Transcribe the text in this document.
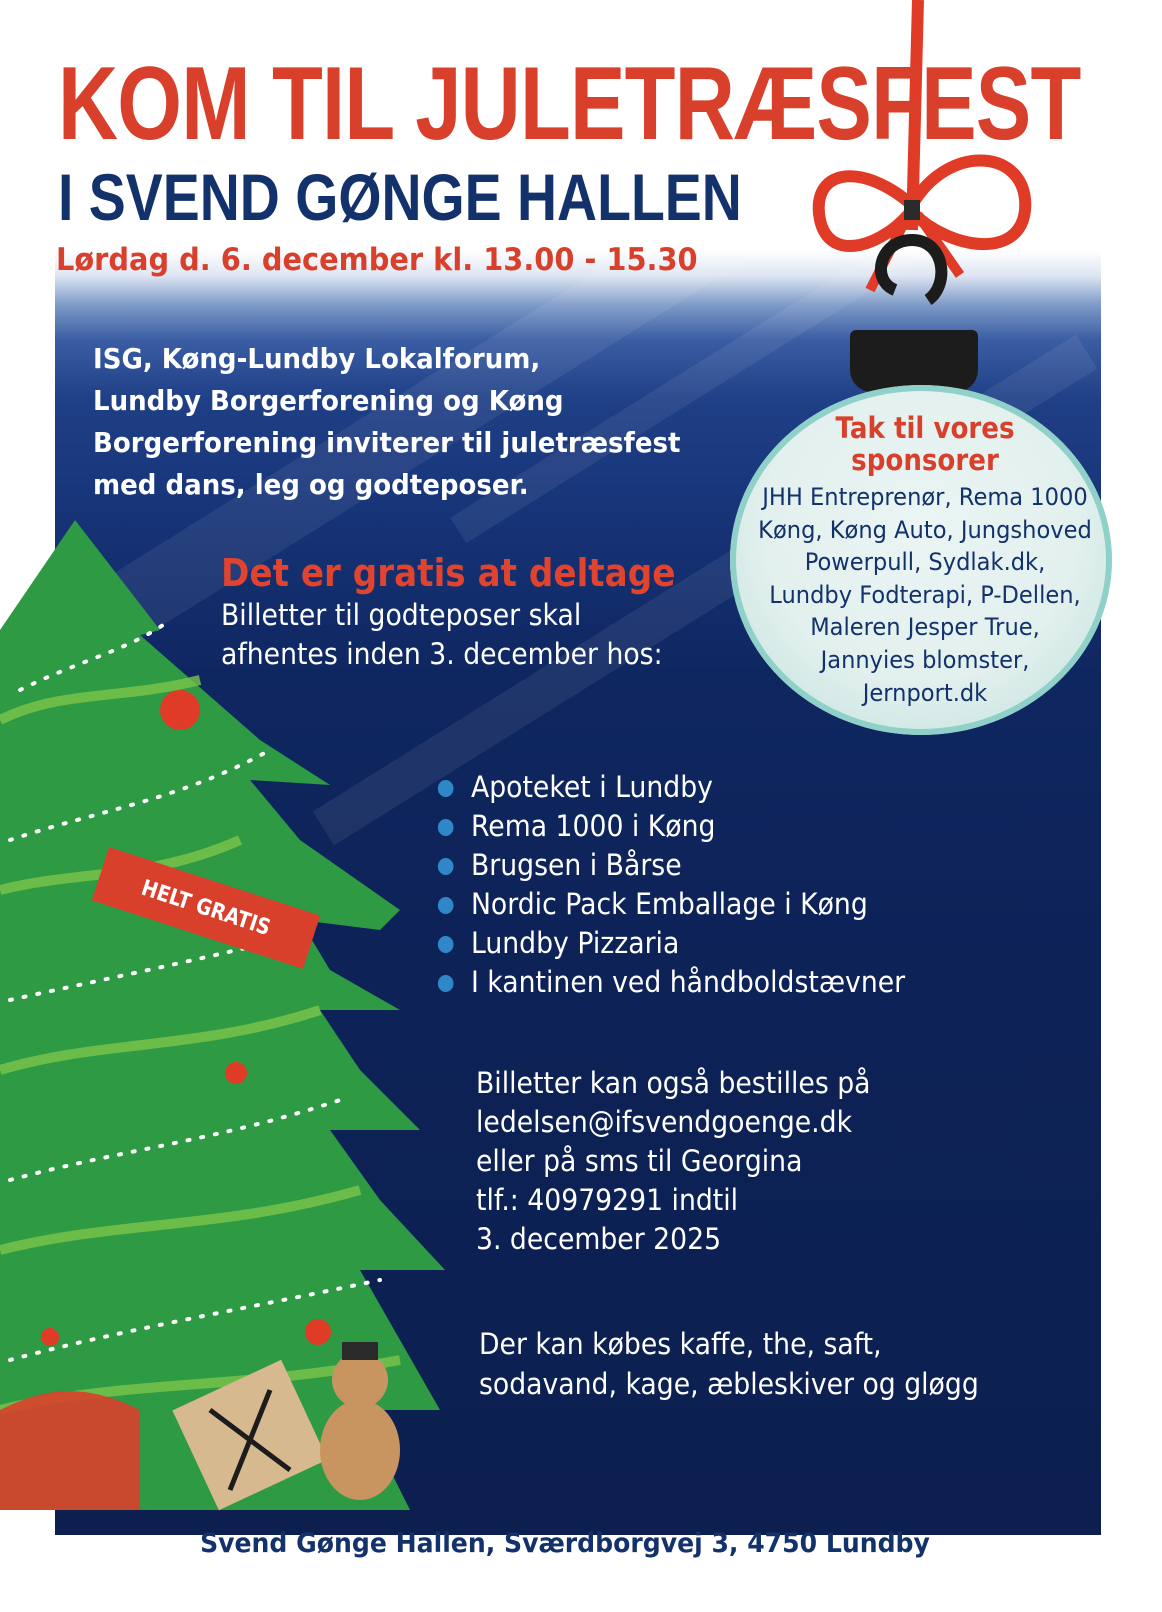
Tak til vores
sponsorer
JHH Entreprenør, Rema 1000
Køng, Køng Auto, Jungshoved
Powerpull, Sydlak.dk,
Lundby Fodterapi, P-Dellen,
Maleren Jesper True,
Jannyies blomster,
Jernport.dk
KOM TIL JULETRÆSFEST
I SVEND GØNGE HALLEN
Lørdag d. 6. december kl. 13.00 - 15.30
ISG, Køng-Lundby Lokalforum,
Lundby Borgerforening og Køng
Borgerforening inviterer til juletræsfest
med dans, leg og godteposer.
HELT GRATIS
Det er gratis at deltage
Billetter til godteposer skal
afhentes inden 3. december hos:
Apoteket i Lundby
Rema 1000 i Køng
Brugsen i Bårse
Nordic Pack Emballage i Køng
Lundby Pizzaria
I kantinen ved håndboldstævner
Billetter kan også bestilles på
ledelsen@ifsvendgoenge.dk
eller på sms til Georgina
tlf.: 40979291 indtil
3. december 2025
Der kan købes kaffe, the, saft,
sodavand, kage, æbleskiver og gløgg
Svend Gønge Hallen, Sværdborgvej 3, 4750 Lundby
